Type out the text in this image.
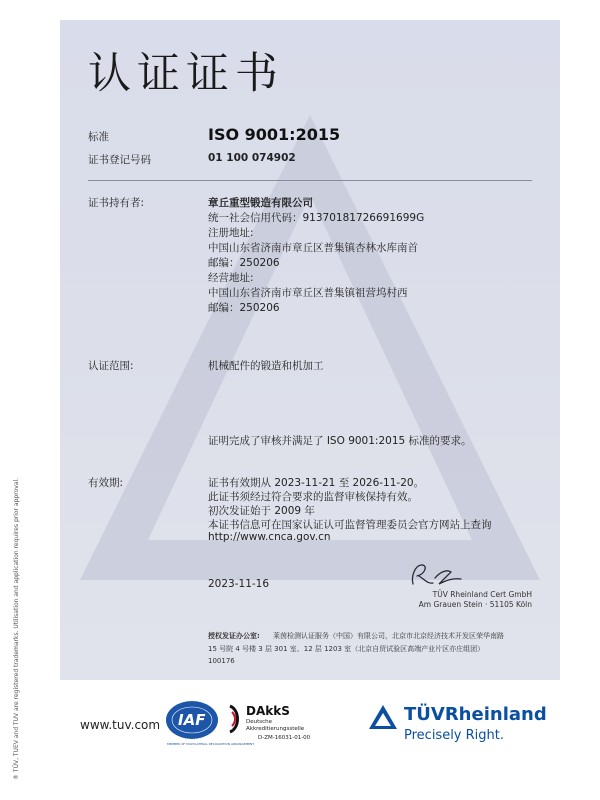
认证证书
标准	ISO 9001:2015
证书登记号码	01 100 074902
证书持有者:	章丘重型锻造有限公司
统一社会信用代码：91370181726691699G
注册地址:
中国山东省济南市章丘区普集镇杏林水库南首
邮编：250206
经营地址:
中国山东省济南市章丘区普集镇祖营坞村西
邮编：250206
认证范围:	机械配件的锻造和机加工
证明完成了审核并满足了 ISO 9001:2015 标准的要求。
有效期:	证书有效期从 2023-11-21 至 2026-11-20。
此证书须经过符合要求的监督审核保持有效。
初次发证始于 2009 年
本证书信息可在国家认证认可监督管理委员会官方网站上查询
http://www.cnca.gov.cn
2023-11-16
TÜV Rheinland Cert GmbH
Am Grauen Stein · 51105 Köln
授权发证办公室: 莱茵检测认证服务（中国）有限公司，北京市北京经济技术开发区荣华南路
15 号院 4 号楼 3 层 301 室、12 层 1203 室（北京自贸试验区高端产业片区亦庄组团）
100176
www.tuv.com IAF
MEMBER OF MULTILATERAL RECOGNITION ARRANGEMENT
DAkkS
Deutsche
Akkreditierungsstelle
D-ZM-16031-01-00
TÜVRheinland
Precisely Right.
® TÜV, TUEV and TUV are registered trademarks. Utilisation and application requires prior approval.
